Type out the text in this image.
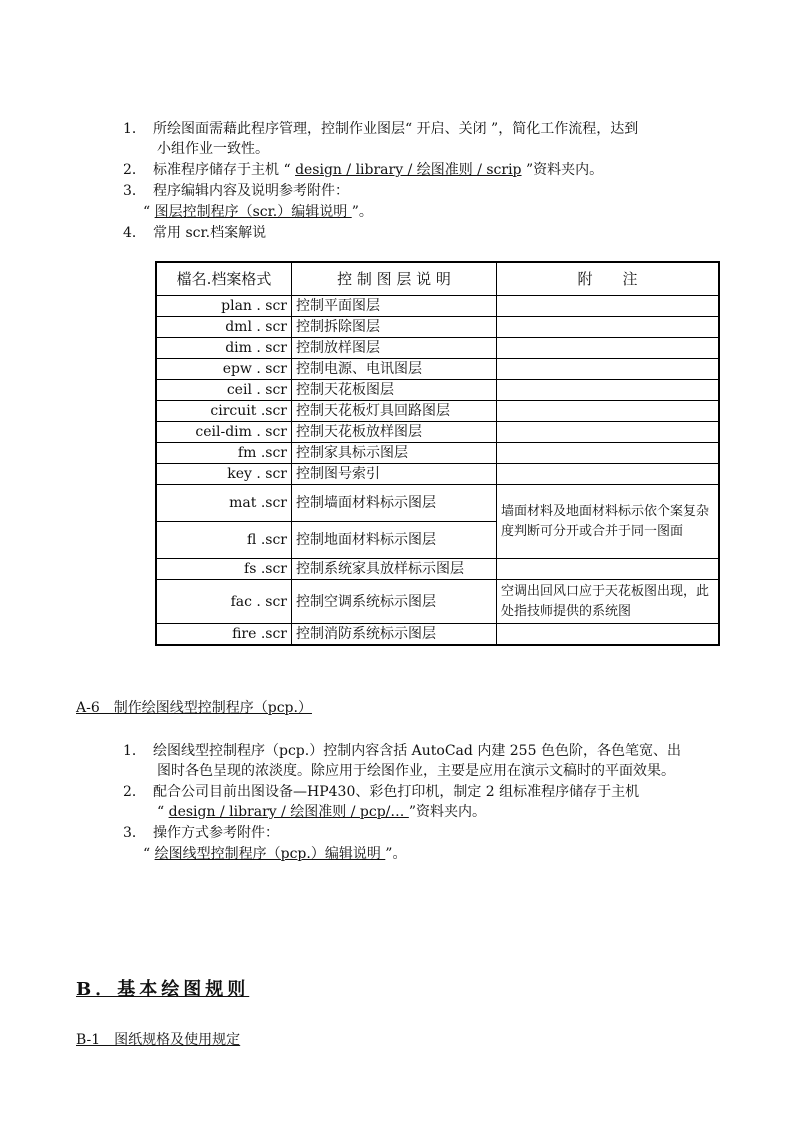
1． 所绘图面需藉此程序管理，控制作业图层“ 开启、关闭 ”，简化工作流程，达到
小组作业一致性。
2． 标准程序储存于主机 “ design / library / 绘图准则 / scrip ”资料夹内。
3． 程序编辑内容及说明参考附件：
“ 图层控制程序（scr.）编辑说明 ”。
4． 常用 scr.档案解说
檔名.档案格式	控 制 图 层 说 明	附　　注
plan . scr	控制平面图层	
dml . scr	控制拆除图层	
dim . scr	控制放样图层	
epw . scr	控制电源、电讯图层	
ceil . scr	控制天花板图层	
circuit .scr	控制天花板灯具回路图层	
ceil-dim . scr	控制天花板放样图层	
fm .scr	控制家具标示图层	
key . scr	控制图号索引	
mat .scr	控制墙面材料标示图层	墙面材料及地面材料标示依个案复杂度判断可分开或合并于同一图面
fl .scr	控制地面材料标示图层	
fs .scr	控制系统家具放样标示图层	
fac . scr	控制空调系统标示图层	空调出回风口应于天花板图出现，此处指技师提供的系统图
fire .scr	控制消防系统标示图层	
A-6　制作绘图线型控制程序（pcp.）
1． 绘图线型控制程序（pcp.）控制内容含括 AutoCad 内建 255 色色阶，各色笔宽、出
图时各色呈现的浓淡度。除应用于绘图作业，主要是应用在演示文稿时的平面效果。
2． 配合公司目前出图设备—HP430、彩色打印机，制定 2 组标准程序储存于主机
“ design / library / 绘图准则 / pcp/… ”资料夹内。
3． 操作方式参考附件：
“ 绘图线型控制程序（pcp.）编辑说明 ”。
B．基本绘图规则
B-1　图纸规格及使用规定
